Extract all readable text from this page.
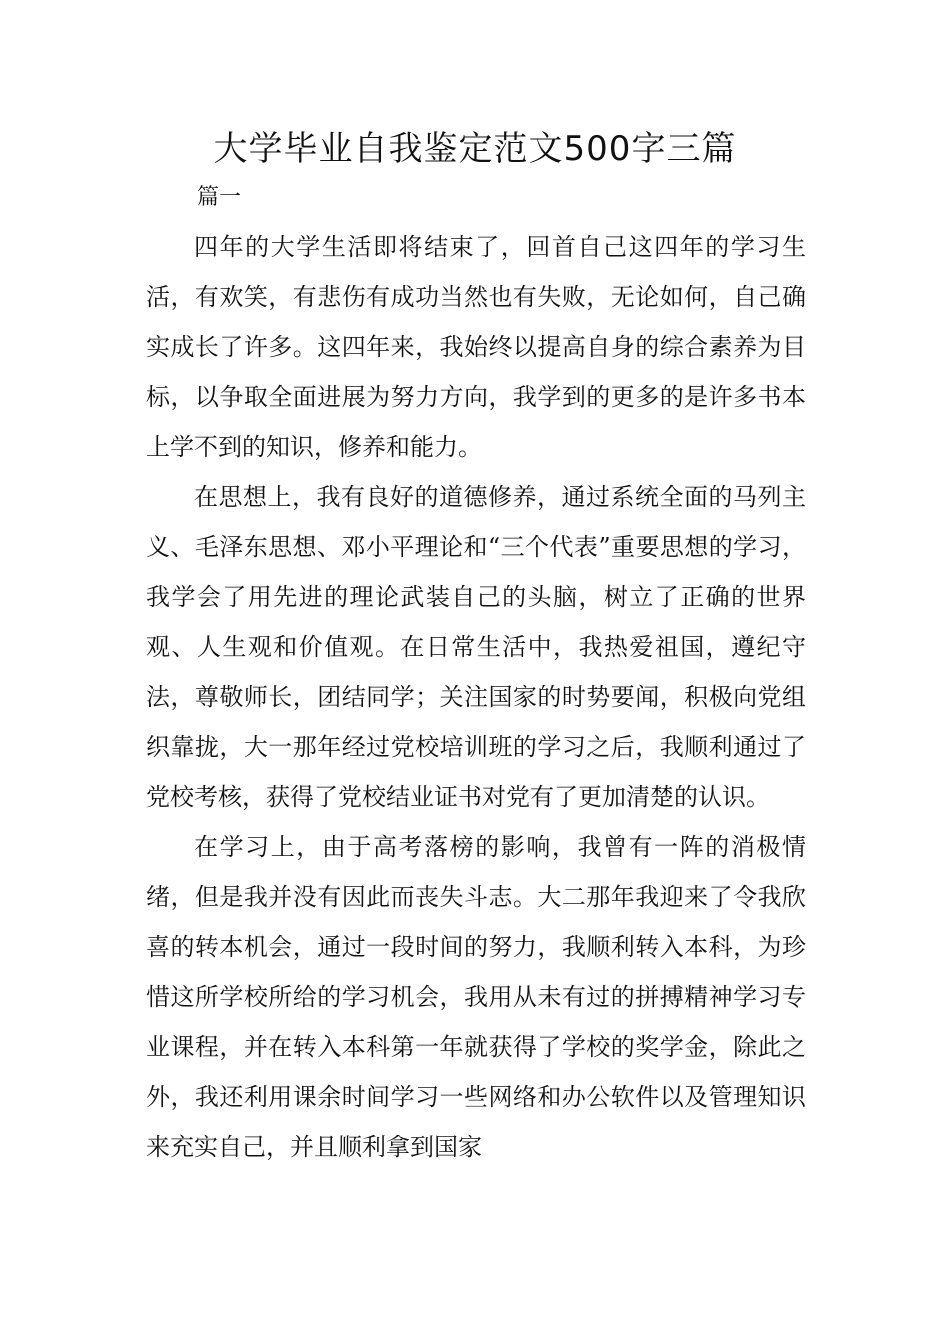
大学毕业自我鉴定范文500字三篇

篇一

四年的大学生活即将结束了，回首自己这四年的学习生活，有欢笑，有悲伤有成功当然也有失败，无论如何，自己确实成长了许多。这四年来，我始终以提高自身的综合素养为目标，以争取全面进展为努力方向，我学到的更多的是许多书本上学不到的知识，修养和能力。

在思想上，我有良好的道德修养，通过系统全面的马列主义、毛泽东思想、邓小平理论和“三个代表”重要思想的学习，我学会了用先进的理论武装自己的头脑，树立了正确的世界观、人生观和价值观。在日常生活中，我热爱祖国，遵纪守法，尊敬师长，团结同学；关注国家的时势要闻，积极向党组织靠拢，大一那年经过党校培训班的学习之后，我顺利通过了党校考核，获得了党校结业证书对党有了更加清楚的认识。

在学习上，由于高考落榜的影响，我曾有一阵的消极情绪，但是我并没有因此而丧失斗志。大二那年我迎来了令我欣喜的转本机会，通过一段时间的努力，我顺利转入本科，为珍惜这所学校所给的学习机会，我用从未有过的拼搏精神学习专业课程，并在转入本科第一年就获得了学校的奖学金，除此之外，我还利用课余时间学习一些网络和办公软件以及管理知识来充实自己，并且顺利拿到国家
